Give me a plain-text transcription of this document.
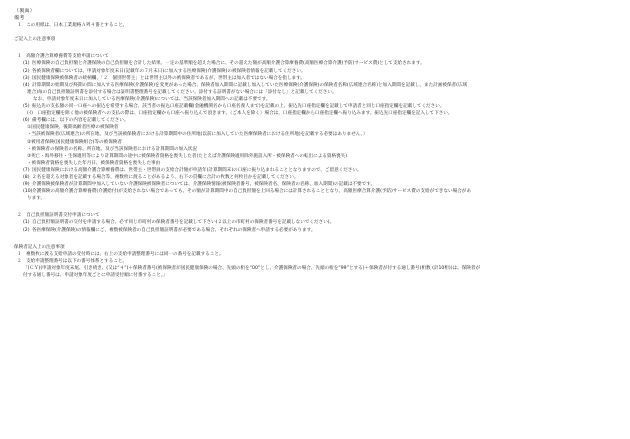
（裏面）
備考
１　この用紙は、日本工業規格Ａ列４番とすること。
ご記入上の注意事項
１　高額介護合算療養費等支給申請について
(1) 医療保険の自己負担額と介護保険の自己負担額を合計した結果、一定の基準額を超えた場合に、その超えた額が高額介護合算療養費(高額医療合算介護(予防)サービス費)として支給されます。
(2) 各被保険者欄については、申請対象年度末日(記載年の７月末日)に加入する医療保険(介護保険)の被保険者情報を記載してください。
(3) 国民健康保険被保険者の続柄欄、「２　個別世帯主」とは世帯主以外の被保険者であるが、世帯主は加入者ではない場合を指します。
(4) 計算期間の始期及び終期の間に加入する医療保険(介護保険)を変更があった場合、保険者加入期間に記載し加入していた医療保険(介護保険)の保険者名称(広域連合名称)と加入期間を記載し、また計画被保者(広域
連合)毎の自己負担額証明書を添付する場合は証明書整理番号を記載してください。添付する証明書がない場合には「添付なし」と記載してください。
なお、申請対象年度末日に加入している医療保険(介護保険)については、当該保険者加入期間への記載は不要です。
(5) 振込先の支払額の同一口座への振込を希望する場合、該当者の振込口座記載欄(金融機関名から口座名義人まで)を記載の上、振込先口座指定欄を記載して申請者と同じ口座指定欄を記載してください。
(ｲ)　口座指定欄を除く他の被保険者への支払の際は、口座指定欄から口座へ振り込んで頂きます。（ご本人を除く）場合は、口座指定欄から口座指定欄へ振り込みます。振込先口座指定欄を記入して下さい。
(6) 備考欄には、以下の内容を記載してください。
①国民健康保険、後期高齢者医療の被保険者
・当該被保険者(広域連合)の所在地、及び当該被保険者における計算期間中の住所地(以前に加入していた医療保険者における住所地)を記載する必要はありません。）
②被用者保険(国民健康保険組合)等の被保険者
・被保険者の保険者の名称、所在地、及び当該保険者における計算期間の加入状況
③死亡・海外移住・生保適用等により計算期間の途中に被保険者資格を喪失した者(たとえば介護保険適用除外施設入所・被保険者への転出による資格喪失)
・被保険者資格を喪失した年月日、被保険者資格を喪失した事由
(7) 国民健康保険における高額介護合算療養費は、世帯主・世帯員の支給合計額が申請年(計算期間末)の口座に振り込まれることとなりますので、ご留意ください。
(8) ２名を超える対象者を記載する場合等、複数枚に渡ることがあるよう、右下の頁欄に合計の枚数と何枚目かを記載してください。
(9) 介護保険被保険者が計算期間中加入していない介護保険被保険者については、介護保険情報(被保険者番号、被保険者名、保険者の名称、加入期間)の記載は不要です。
(10) 介護保険の高額介護合算療養費(介護給付)が支給されない場合であっても、その額が計算期間中の自己負担額を上回る場合には計算されることとなり、高額医療合算介護(予防)サービス費の支給ができない場合があ
ります。
２　自己負担額証明書交付申請について
(1) 自己負担額証明書の交付を申請する場合、必ず同じ市町村の保険者番号を記載して下さい(２以上の市町村の保険者番号を記載しないでください)。
(2) 各医療保険(介護保険)の情報欄にご、複数被保険者の自己負担額証明書が必要である場合、それぞれの保険者へ申請する必要があります。
保険者記入上の注意事項
１ 複数枚に渡る支給申請の受付時には、右上の支給申請整理番号には同一の番号を記載すること。
２ 支給申請整理番号は以下の番号体系とすること。
「(ＣＹ)(申請対象年度末尾、引き続き、(又は“４”)＋保険者番号(被保険者が国民健康保険の場合、先頭の桁を“00”とし、介護保険者の場合、先頭の桁を“99”とする)＋保険者が付する通し番号(桁数 (計10桁))は、保険者が
付する通し番号は、申請対象年度ごとに申請受付順に付番すること。」
